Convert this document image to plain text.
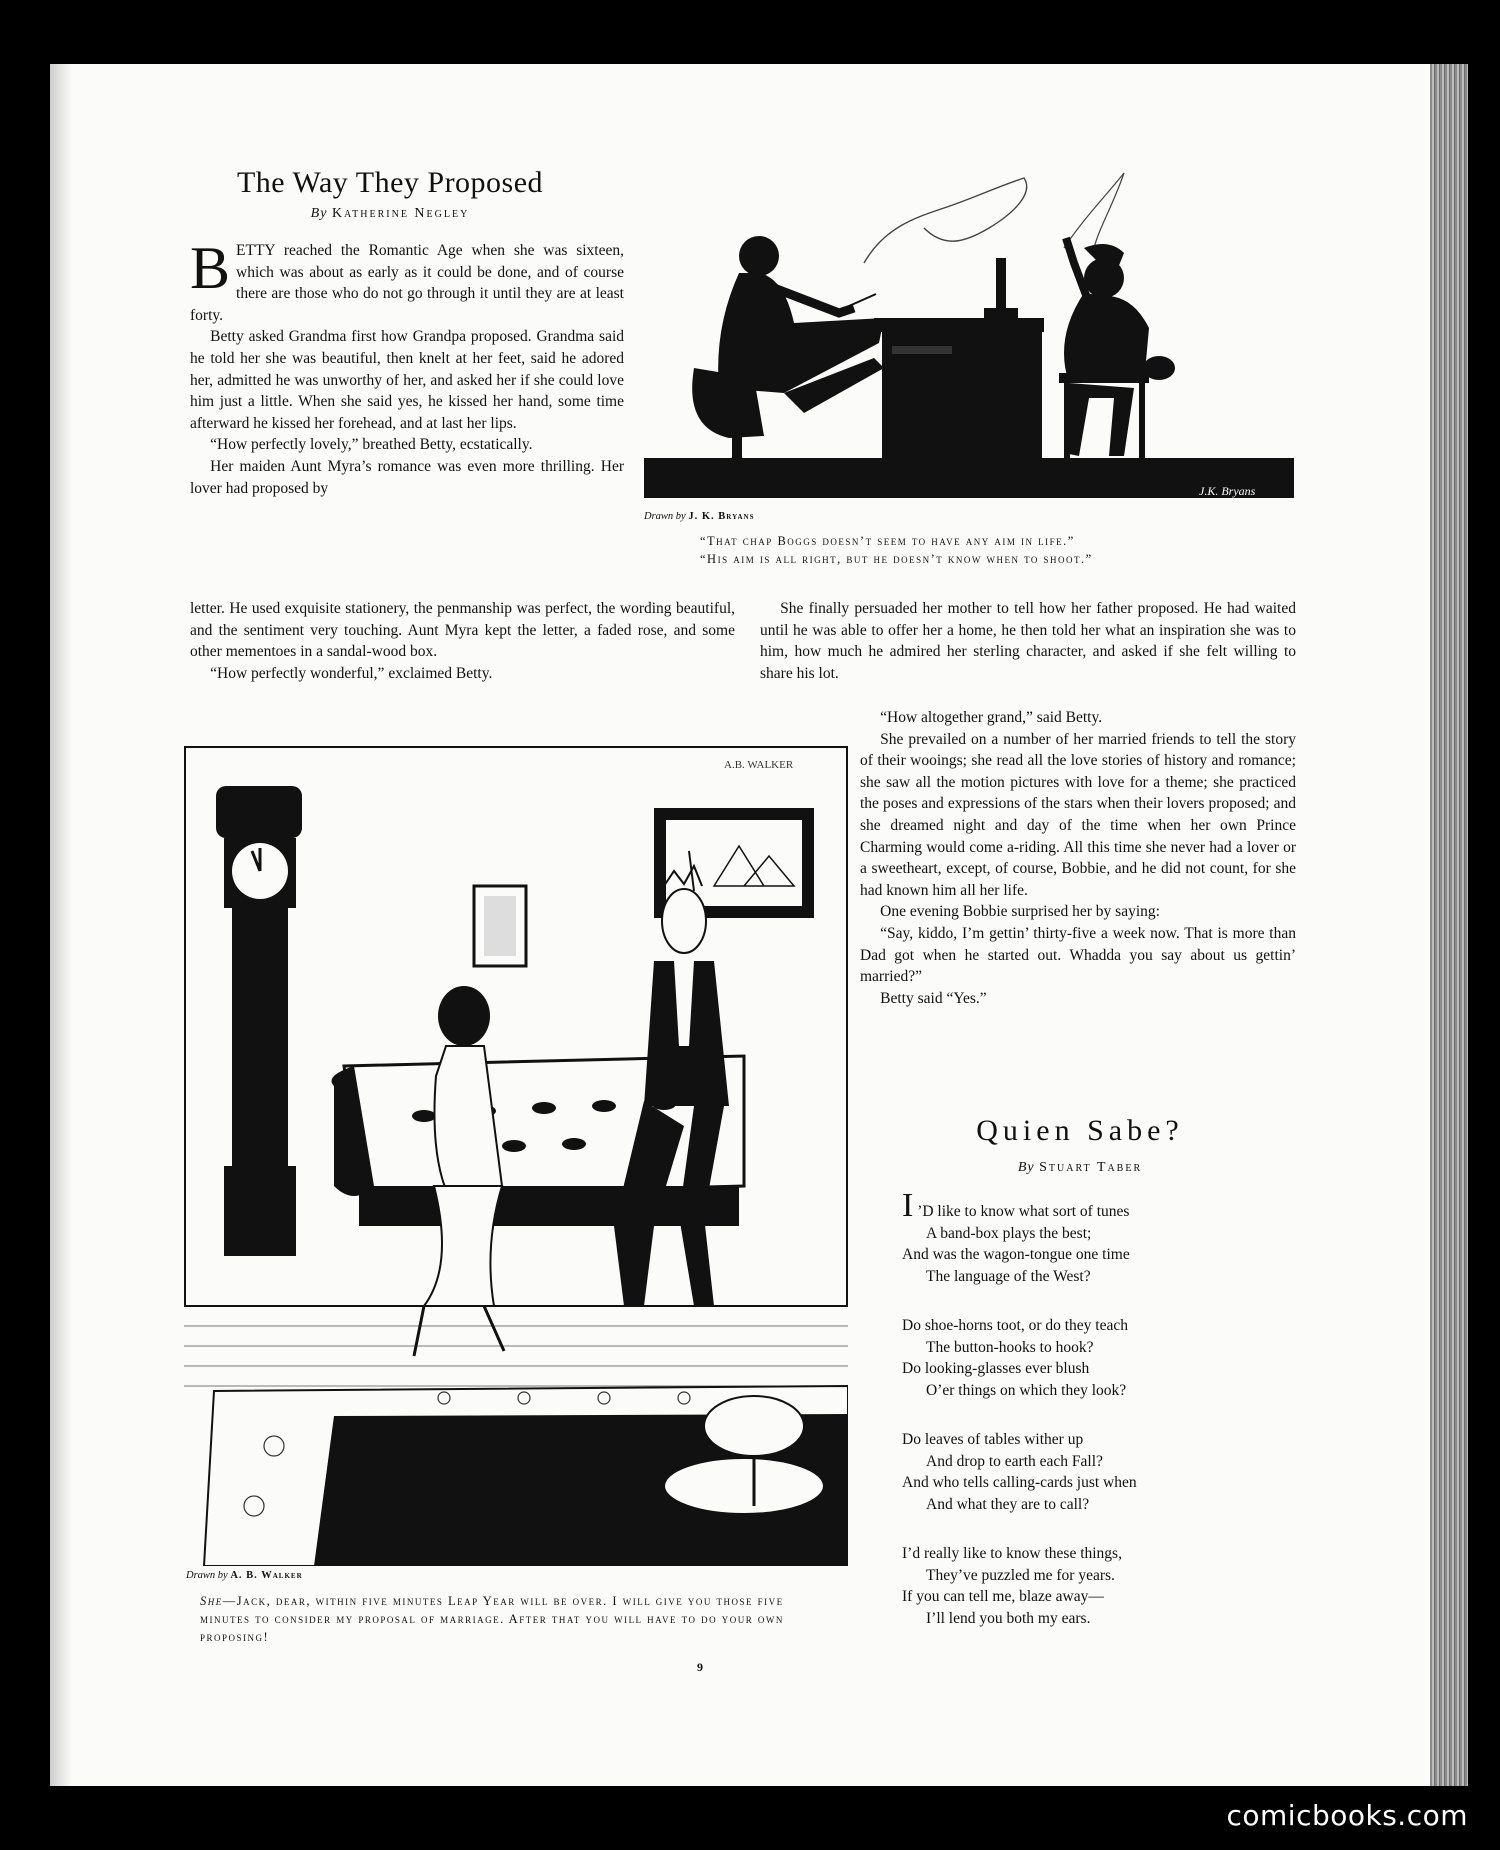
The Way They Proposed
By Katherine Negley
B ETTY reached the Romantic Age when she was sixteen, which was about as early as it could be done, and of course there are those who do not go through it until they are at least forty.

Betty asked Grandma first how Grandpa proposed. Grandma said he told her she was beautiful, then knelt at her feet, said he adored her, admitted he was unworthy of her, and asked her if she could love him just a little. When she said yes, he kissed her hand, some time afterward he kissed her forehead, and at last her lips.

“How perfectly lovely,” breathed Betty, ecstatically.

Her maiden Aunt Myra’s romance was even more thrilling. Her lover had proposed by

letter. He used exquisite stationery, the penmanship was perfect, the wording beautiful, and the sentiment very touching. Aunt Myra kept the letter, a faded rose, and some other mementoes in a sandal-wood box.

“How perfectly wonderful,” exclaimed Betty.

J.K. Bryans
Drawn by J. K. Bryans
“That chap Boggs doesn’t seem to have any aim in life.”
“His aim is all right, but he doesn’t know when to shoot.”

She finally persuaded her mother to tell how her father proposed. He had waited until he was able to offer her a home, he then told her what an inspiration she was to him, how much he admired her sterling character, and asked if she felt willing to share his lot.

“How altogether grand,” said Betty.

She prevailed on a number of her married friends to tell the story of their wooings; she read all the love stories of history and romance; she saw all the motion pictures with love for a theme; she practiced the poses and expressions of the stars when their lovers proposed; and she dreamed night and day of the time when her own Prince Charming would come a-riding. All this time she never had a lover or a sweetheart, except, of course, Bobbie, and he did not count, for she had known him all her life.

One evening Bobbie surprised her by saying:

“Say, kiddo, I’m gettin’ thirty-five a week now. That is more than Dad got when he started out. Whadda you say about us gettin’ married?”

Betty said “Yes.”

A.B. WALKER
Drawn by A. B. Walker
She—Jack, dear, within five minutes Leap Year will be over. I will give you those five minutes to consider my proposal of marriage. After that you will have to do your own proposing!
Quien Sabe?
By Stuart Taber
I ’D like to know what sort of tunes
A band-box plays the best;
And was the wagon-tongue one time
The language of the West?
Do shoe-horns toot, or do they teach
The button-hooks to hook?
Do looking-glasses ever blush
O’er things on which they look?
Do leaves of tables wither up
And drop to earth each Fall?
And who tells calling-cards just when
And what they are to call?
I’d really like to know these things,
They’ve puzzled me for years.
If you can tell me, blaze away—
I’ll lend you both my ears.
9
comicbooks.com
